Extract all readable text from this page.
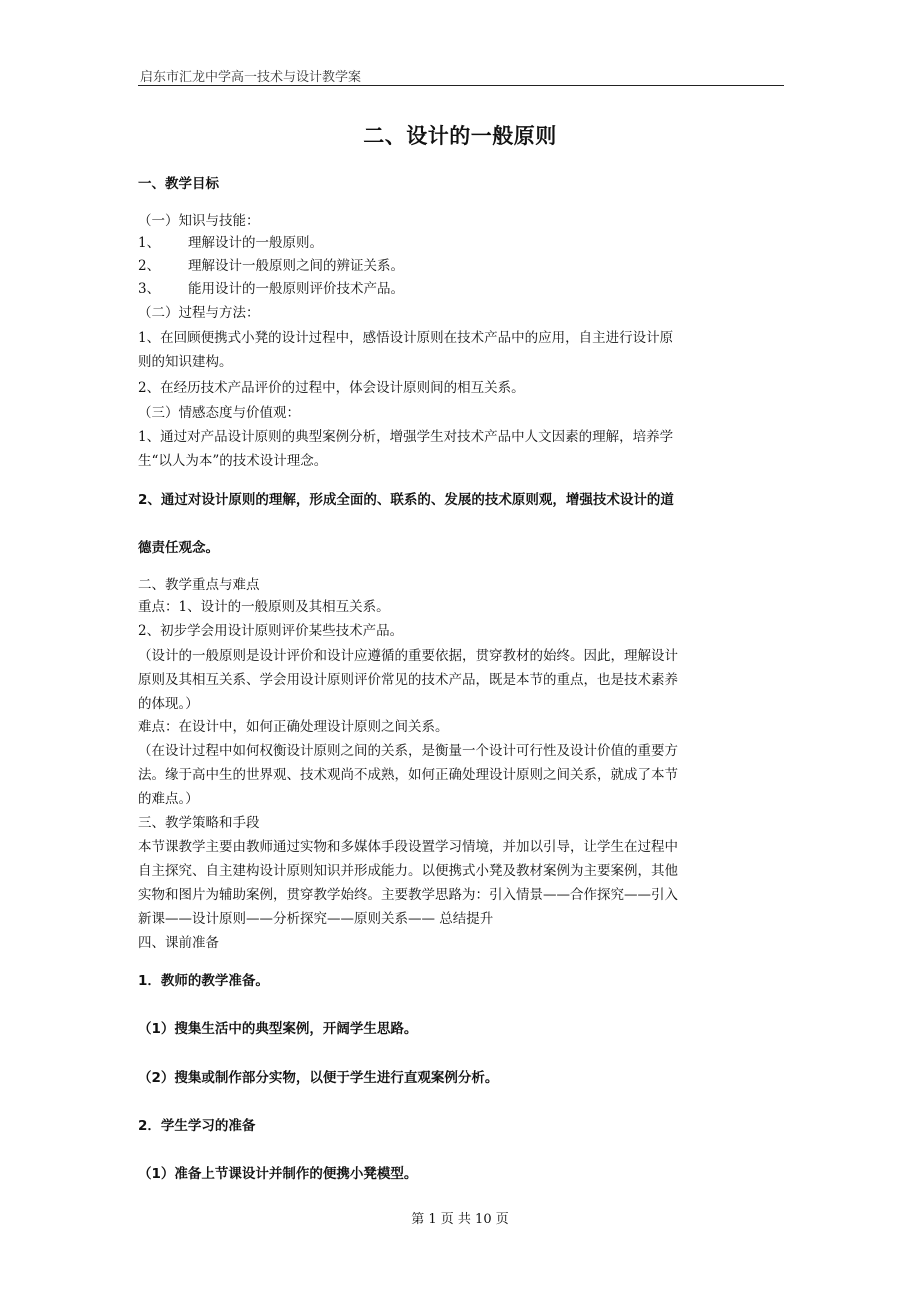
启东市汇龙中学高一技术与设计教学案
二、设计的一般原则
一、教学目标
（一）知识与技能：
1、 理解设计的一般原则。
2、 理解设计一般原则之间的辨证关系。
3、 能用设计的一般原则评价技术产品。
（二）过程与方法：
1、在回顾便携式小凳的设计过程中，感悟设计原则在技术产品中的应用，自主进行设计原
则的知识建构。
2、在经历技术产品评价的过程中，体会设计原则间的相互关系。
（三）情感态度与价值观：
1、通过对产品设计原则的典型案例分析，增强学生对技术产品中人文因素的理解，培养学
生“以人为本”的技术设计理念。
2、通过对设计原则的理解，形成全面的、联系的、发展的技术原则观，增强技术设计的道
德责任观念。
二、教学重点与难点
重点：1、设计的一般原则及其相互关系。
2、初步学会用设计原则评价某些技术产品。
（设计的一般原则是设计评价和设计应遵循的重要依据，贯穿教材的始终。因此，理解设计
原则及其相互关系、学会用设计原则评价常见的技术产品，既是本节的重点，也是技术素养
的体现。）
难点：在设计中，如何正确处理设计原则之间关系。
（在设计过程中如何权衡设计原则之间的关系，是衡量一个设计可行性及设计价值的重要方
法。缘于高中生的世界观、技术观尚不成熟，如何正确处理设计原则之间关系，就成了本节
的难点。）
三、教学策略和手段
本节课教学主要由教师通过实物和多媒体手段设置学习情境，并加以引导，让学生在过程中
自主探究、自主建构设计原则知识并形成能力。以便携式小凳及教材案例为主要案例，其他
实物和图片为辅助案例，贯穿教学始终。主要教学思路为：引入情景——合作探究——引入
新课——设计原则——分析探究——原则关系—— 总结提升
四、课前准备
1．教师的教学准备。
（1）搜集生活中的典型案例，开阔学生思路。
（2）搜集或制作部分实物，以便于学生进行直观案例分析。
2．学生学习的准备
（1）准备上节课设计并制作的便携小凳模型。
第 1 页 共 10 页
